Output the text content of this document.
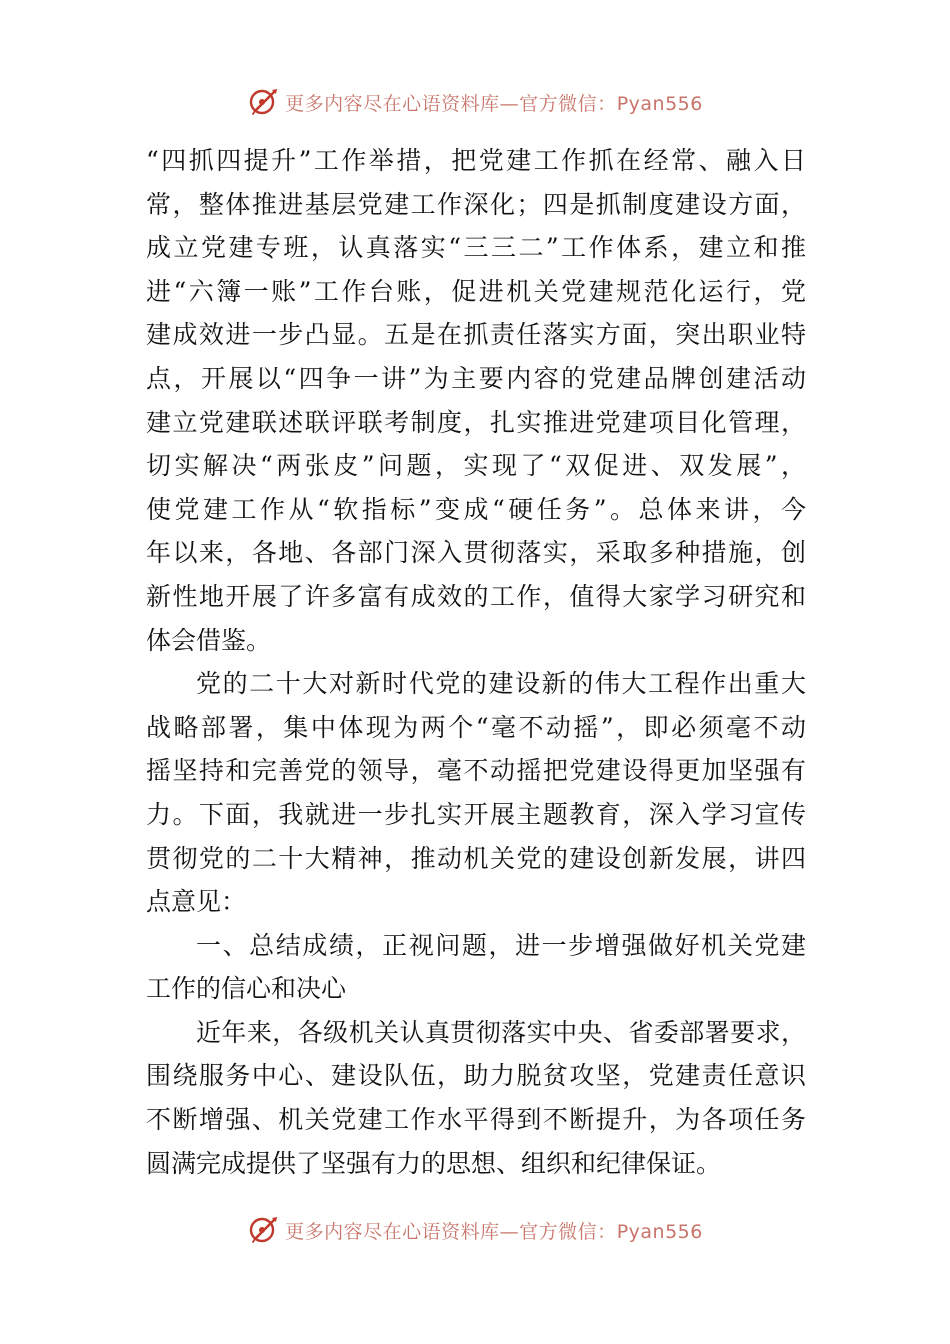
更多内容尽在心语资料库—官方微信：Pyan556
“四抓四提升”工作举措，把党建工作抓在经常、融入日
常，整体推进基层党建工作深化；四是抓制度建设方面，
成立党建专班，认真落实“三三二”工作体系，建立和推
进“六簿一账”工作台账，促进机关党建规范化运行，党
建成效进一步凸显。五是在抓责任落实方面，突出职业特
点，开展以“四争一讲”为主要内容的党建品牌创建活动
建立党建联述联评联考制度，扎实推进党建项目化管理，
切实解决“两张皮”问题，实现了“双促进、双发展”，
使党建工作从“软指标”变成“硬任务”。总体来讲，今
年以来，各地、各部门深入贯彻落实，采取多种措施，创
新性地开展了许多富有成效的工作，值得大家学习研究和
体会借鉴。
党的二十大对新时代党的建设新的伟大工程作出重大
战略部署，集中体现为两个“毫不动摇”，即必须毫不动
摇坚持和完善党的领导，毫不动摇把党建设得更加坚强有
力。下面，我就进一步扎实开展主题教育，深入学习宣传
贯彻党的二十大精神，推动机关党的建设创新发展，讲四
点意见：
一、总结成绩，正视问题，进一步增强做好机关党建
工作的信心和决心
近年来，各级机关认真贯彻落实中央、省委部署要求，
围绕服务中心、建设队伍，助力脱贫攻坚，党建责任意识
不断增强、机关党建工作水平得到不断提升，为各项任务
圆满完成提供了坚强有力的思想、组织和纪律保证。
更多内容尽在心语资料库—官方微信：Pyan556
